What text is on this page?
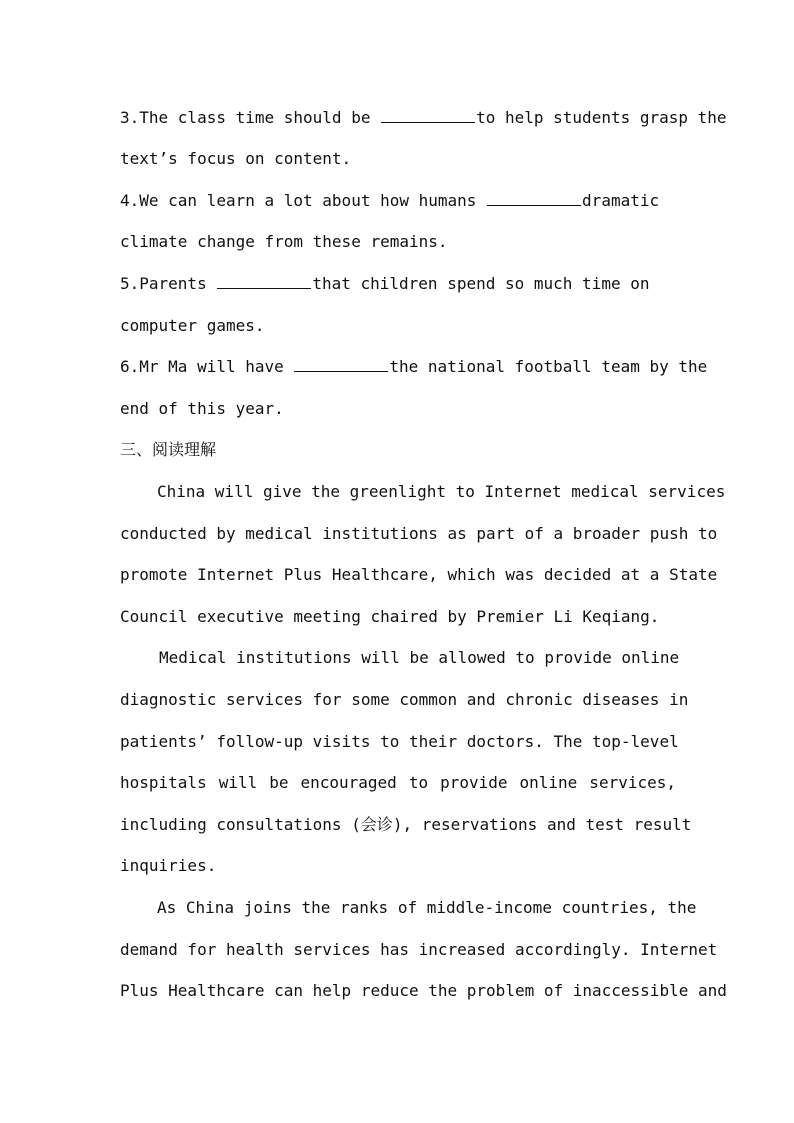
3.The class time should be	to help students grasp the
text’s focus on content.
4.We can learn a lot about how humans	dramatic
climate change from these remains.
5.Parents	that children spend so much time on
computer games.
6.Mr Ma will have	the national football team by the
end of this year.
三、阅读理解
China will give the greenlight to Internet medical services
conducted by medical institutions as part of a broader push to
promote Internet Plus Healthcare, which was decided at a State
Council executive meeting chaired by Premier Li Keqiang.
Medical institutions will be allowed to provide online
diagnostic services for some common and chronic diseases in
patients’ follow-up visits to their doctors. The top-level
hospitals will be encouraged to provide online services,
including consultations (会诊), reservations and test result
inquiries.
As China joins the ranks of middle-income countries, the
demand for health services has increased accordingly. Internet
Plus Healthcare can help reduce the problem of inaccessible and
